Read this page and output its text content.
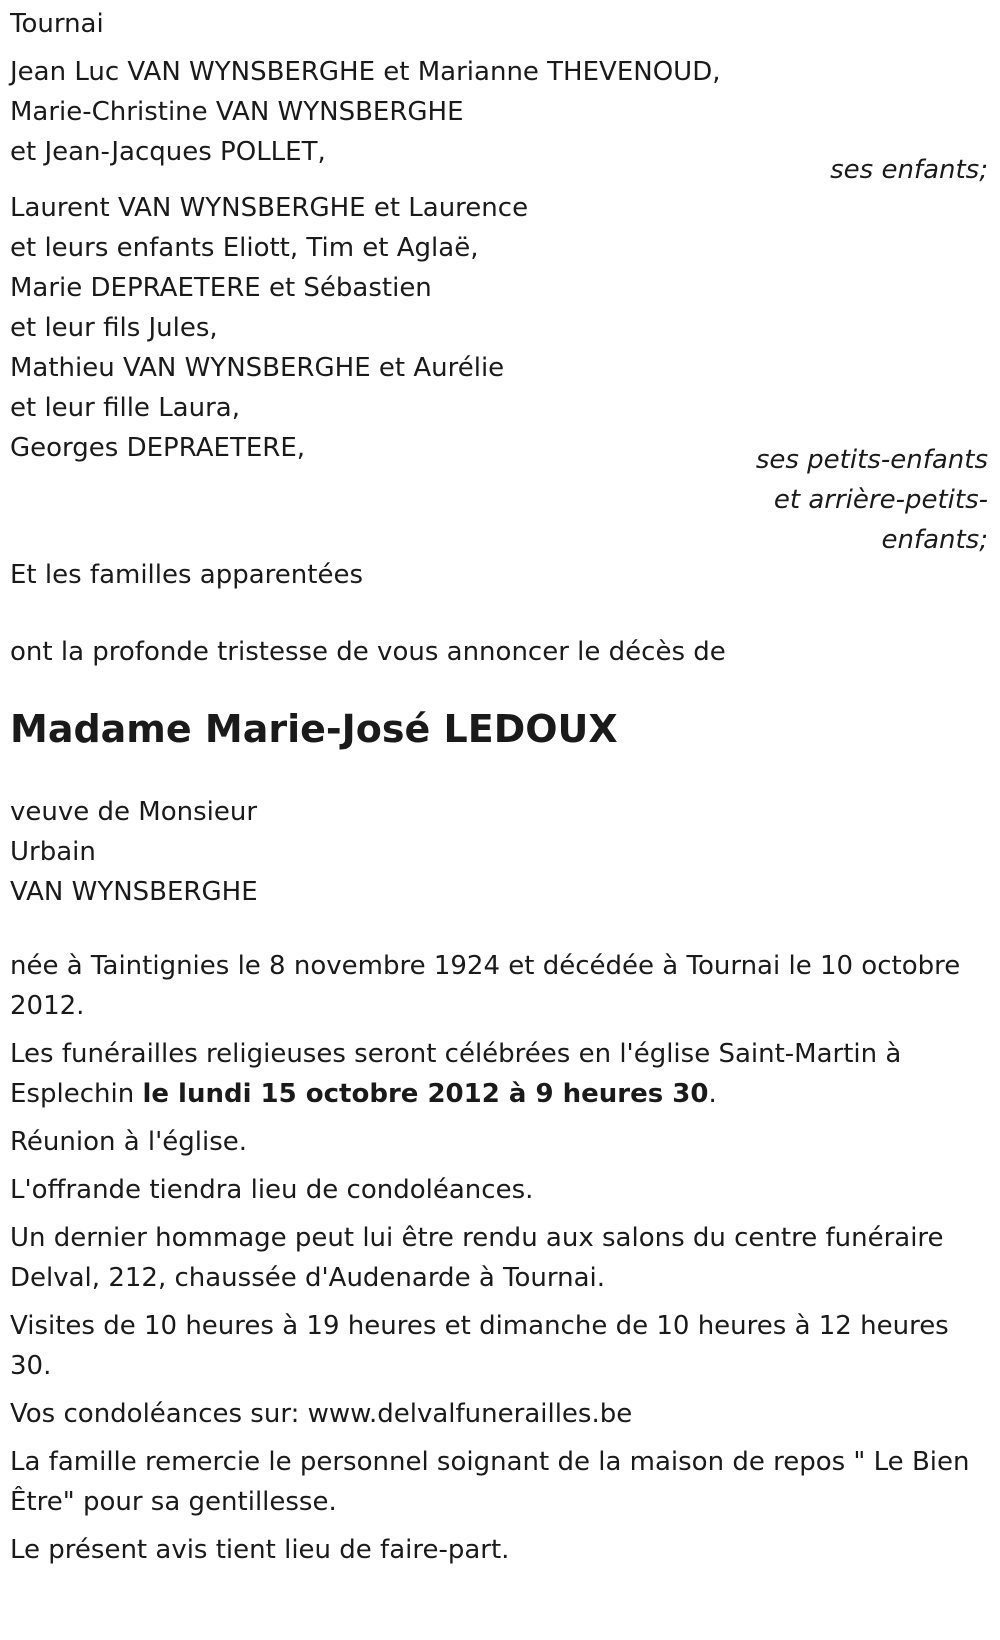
Tournai
Jean Luc VAN WYNSBERGHE et Marianne THEVENOUD,
Marie-Christine VAN WYNSBERGHE
et Jean-Jacques POLLET,
ses enfants;
Laurent VAN WYNSBERGHE et Laurence
et leurs enfants Eliott, Tim et Aglaë,
Marie DEPRAETERE et Sébastien
et leur fils Jules,
Mathieu VAN WYNSBERGHE et Aurélie
et leur fille Laura,
Georges DEPRAETERE,	ses petits-enfants
et arrière-petits-
enfants;
Et les familles apparentées
ont la profonde tristesse de vous annoncer le décès de
Madame Marie-José LEDOUX
veuve de Monsieur
Urbain
VAN WYNSBERGHE
née à Taintignies le 8 novembre 1924 et décédée à Tournai le 10 octobre 2012.
Les funérailles religieuses seront célébrées en l'église Saint-Martin à Esplechin le lundi 15 octobre 2012 à 9 heures 30.
Réunion à l'église.
L'offrande tiendra lieu de condoléances.
Un dernier hommage peut lui être rendu aux salons du centre funéraire Delval, 212, chaussée d'Audenarde à Tournai.
Visites de 10 heures à 19 heures et dimanche de 10 heures à 12 heures 30.
Vos condoléances sur: www.delvalfunerailles.be
La famille remercie le personnel soignant de la maison de repos " Le Bien Être" pour sa gentillesse.
Le présent avis tient lieu de faire-part.
